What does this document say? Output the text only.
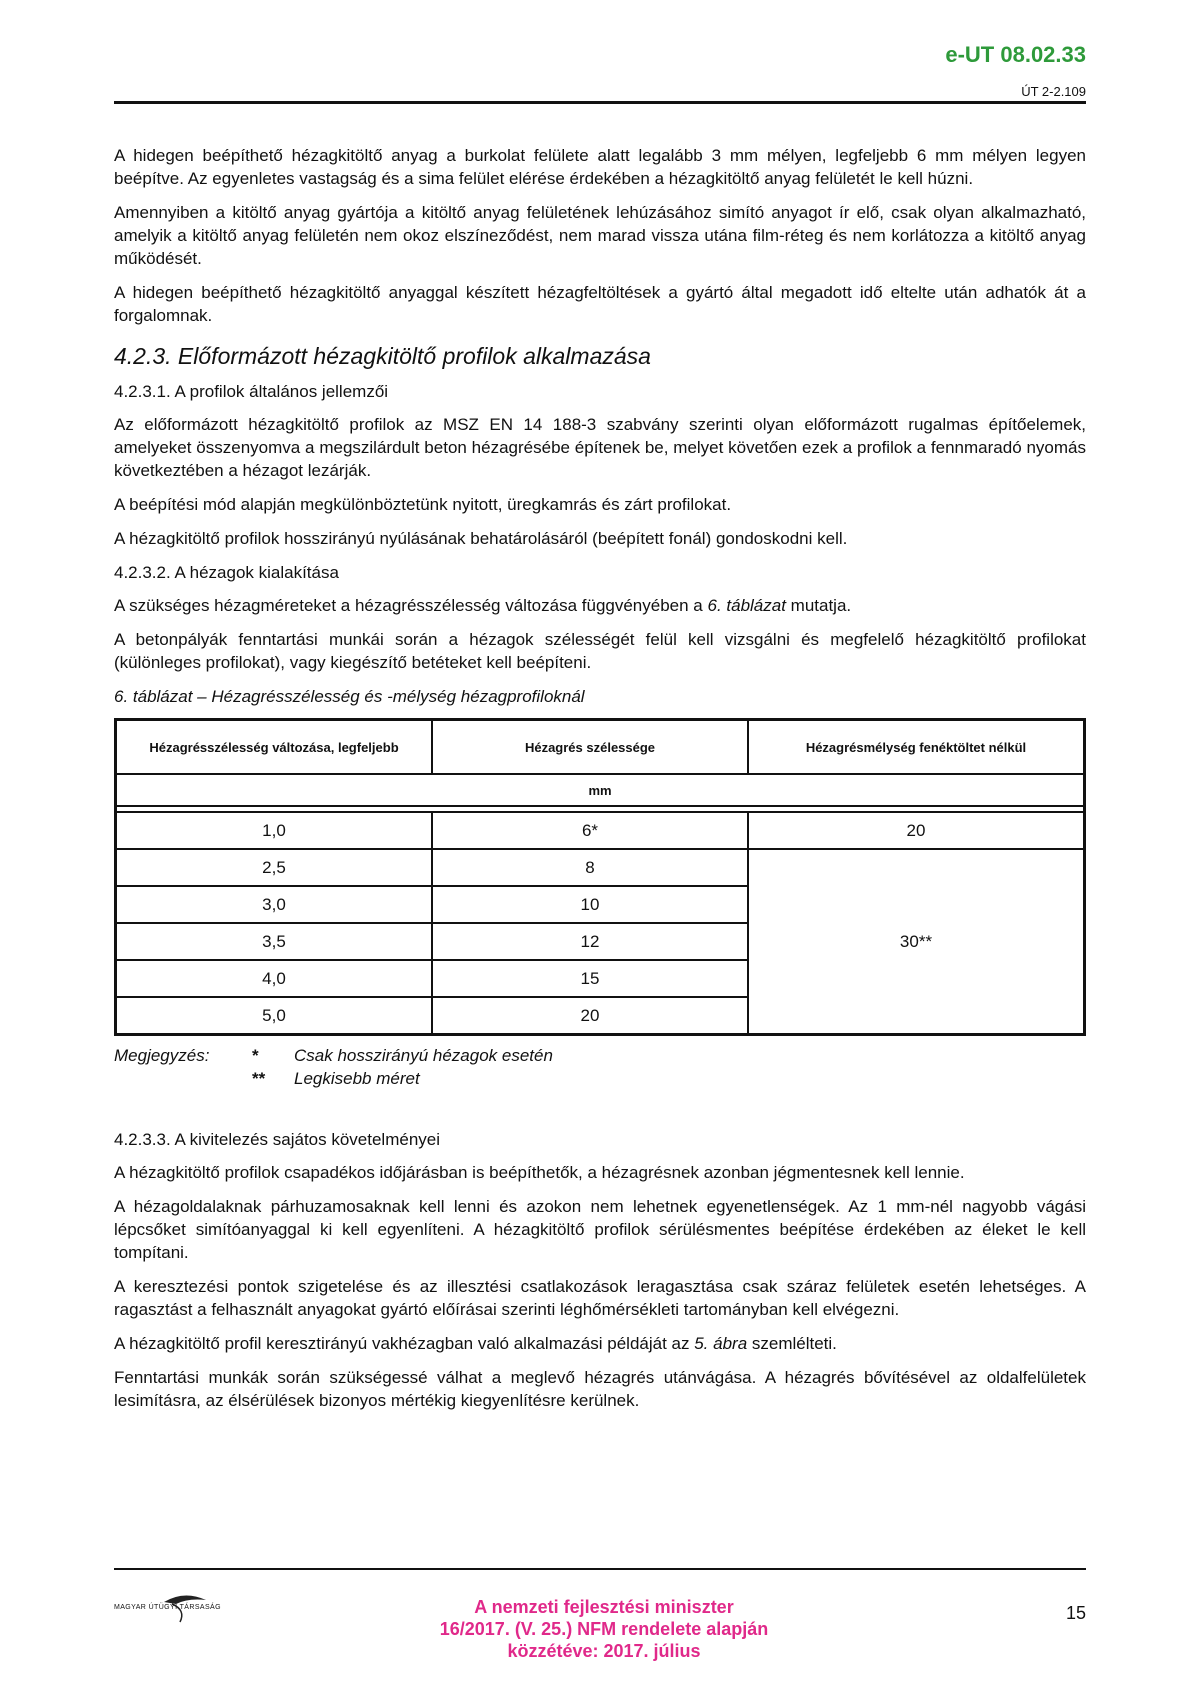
e-UT 08.02.33
ÚT 2-2.109

A hidegen beépíthető hézagkitöltő anyag a burkolat felülete alatt legalább 3 mm mélyen, legfeljebb 6 mm mélyen legyen beépítve. Az egyenletes vastagság és a sima felület elérése érdekében a hézagkitöltő anyag felületét le kell húzni.

Amennyiben a kitöltő anyag gyártója a kitöltő anyag felületének lehúzásához simító anyagot ír elő, csak olyan alkalmazható, amelyik a kitöltő anyag felületén nem okoz elszíneződést, nem marad vissza utána film-réteg és nem korlátozza a kitöltő anyag működését.

A hidegen beépíthető hézagkitöltő anyaggal készített hézagfeltöltések a gyártó által megadott idő eltelte után adhatók át a forgalomnak.

4.2.3. Előformázott hézagkitöltő profilok alkalmazása
4.2.3.1. A profilok általános jellemzői

Az előformázott hézagkitöltő profilok az MSZ EN 14 188-3 szabvány szerinti olyan előformázott rugalmas építőelemek, amelyeket összenyomva a megszilárdult beton hézagrésébe építenek be, melyet követően ezek a profilok a fennmaradó nyomás következtében a hézagot lezárják.

A beépítési mód alapján megkülönböztetünk nyitott, üregkamrás és zárt profilokat.

A hézagkitöltő profilok hosszirányú nyúlásának behatárolásáról (beépített fonál) gondoskodni kell.

4.2.3.2. A hézagok kialakítása

A szükséges hézagméreteket a hézagrésszélesség változása függvényében a 6. táblázat mutatja.

A betonpályák fenntartási munkái során a hézagok szélességét felül kell vizsgálni és megfelelő hézagkitöltő profilokat (különleges profilokat), vagy kiegészítő betéteket kell beépíteni.

6. táblázat – Hézagrésszélesség és -mélység hézagprofiloknál
Hézagrésszélesség változása, legfeljebb	Hézagrés szélessége	Hézagrésmélység fenéktöltet nélkül
mm		

1,0	6*	20
2,5	8	30**
3,0	10	
3,5	12	
4,0	15	
5,0	20	
Megjegyzés:	*	Csak hosszirányú hézagok esetén
**	Legkisebb méret
4.2.3.3. A kivitelezés sajátos követelményei

A hézagkitöltő profilok csapadékos időjárásban is beépíthetők, a hézagrésnek azonban jégmentesnek kell lennie.

A hézagoldalaknak párhuzamosaknak kell lenni és azokon nem lehetnek egyenetlenségek. Az 1 mm-nél nagyobb vágási lépcsőket simítóanyaggal ki kell egyenlíteni. A hézagkitöltő profilok sérülésmentes beépítése érdekében az éleket le kell tompítani.

A keresztezési pontok szigetelése és az illesztési csatlakozások leragasztása csak száraz felületek esetén lehetséges. A ragasztást a felhasznált anyagokat gyártó előírásai szerinti léghőmérsékleti tartományban kell elvégezni.

A hézagkitöltő profil keresztirányú vakhézagban való alkalmazási példáját az 5. ábra szemlélteti.

Fenntartási munkák során szükségessé válhat a meglevő hézagrés utánvágása. A hézagrés bővítésével az oldalfelületek lesimításra, az élsérülések bizonyos mértékig kiegyenlítésre kerülnek.

MAGYAR ÚTÜGYI TÁRSASÁG	A nemzeti fejlesztési miniszter
16/2017. (V. 25.) NFM rendelete alapján
közzétéve: 2017. július
15
